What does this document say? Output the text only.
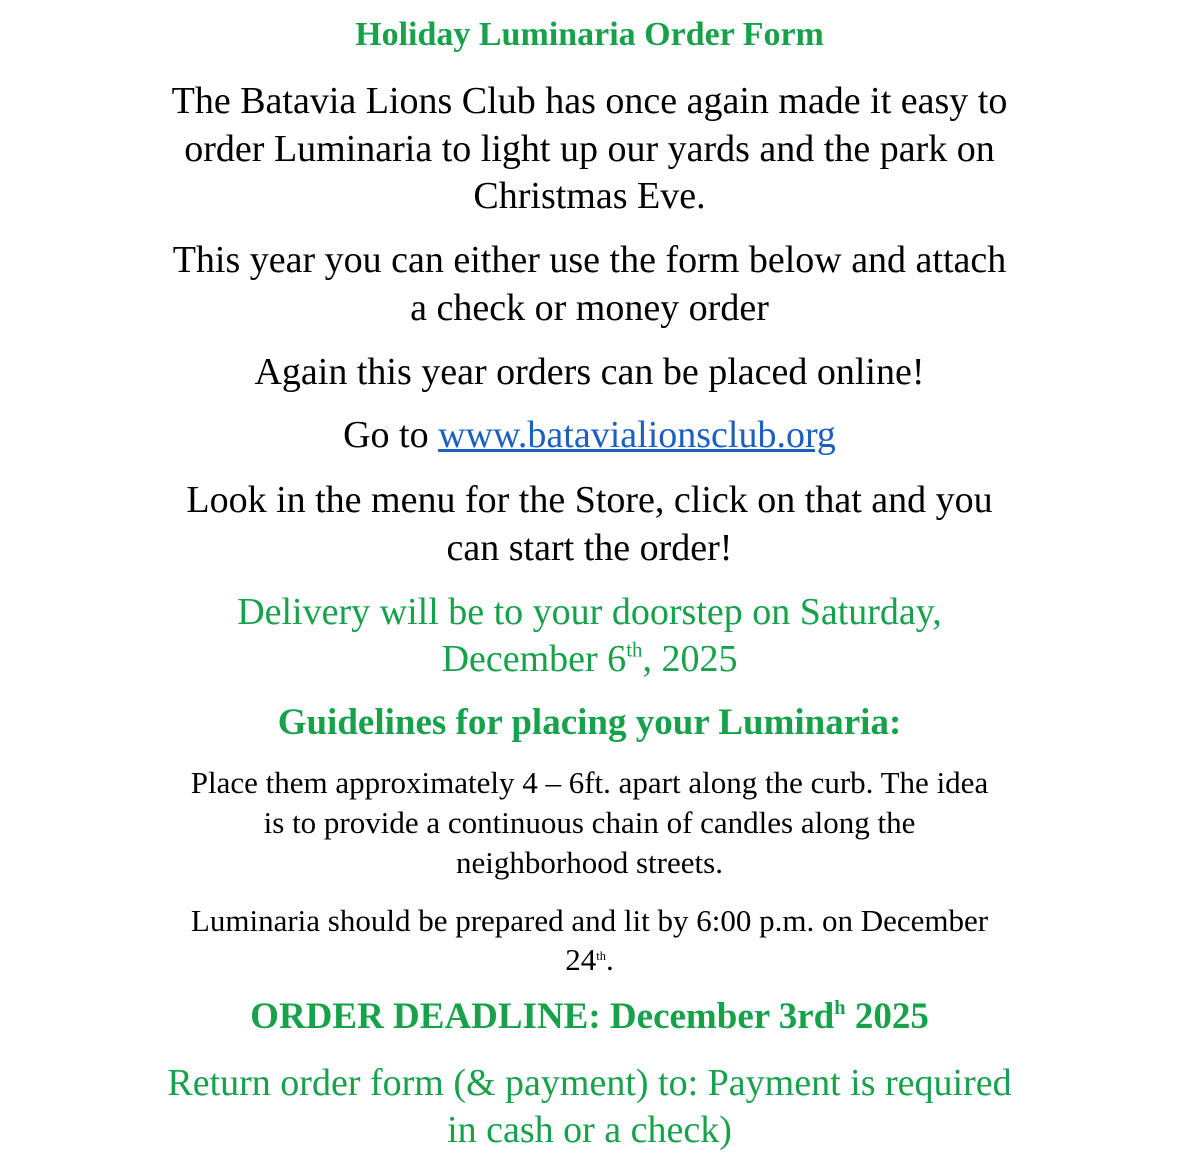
Holiday Luminaria Order Form
The Batavia Lions Club has once again made it easy to
order Luminaria to light up our yards and the park on
Christmas Eve.
This year you can either use the form below and attach
a check or money order
Again this year orders can be placed online!
Go to www.batavialionsclub.org
Look in the menu for the Store, click on that and you
can start the order!
Delivery will be to your doorstep on Saturday,
December 6th, 2025
Guidelines for placing your Luminaria:
Place them approximately 4 – 6ft. apart along the curb. The idea
is to provide a continuous chain of candles along the
neighborhood streets.
Luminaria should be prepared and lit by 6:00 p.m. on December
24th.
ORDER DEADLINE: December $3rd^h$ 2025
Return order form (& payment) to: Payment is required
in cash or a check)
